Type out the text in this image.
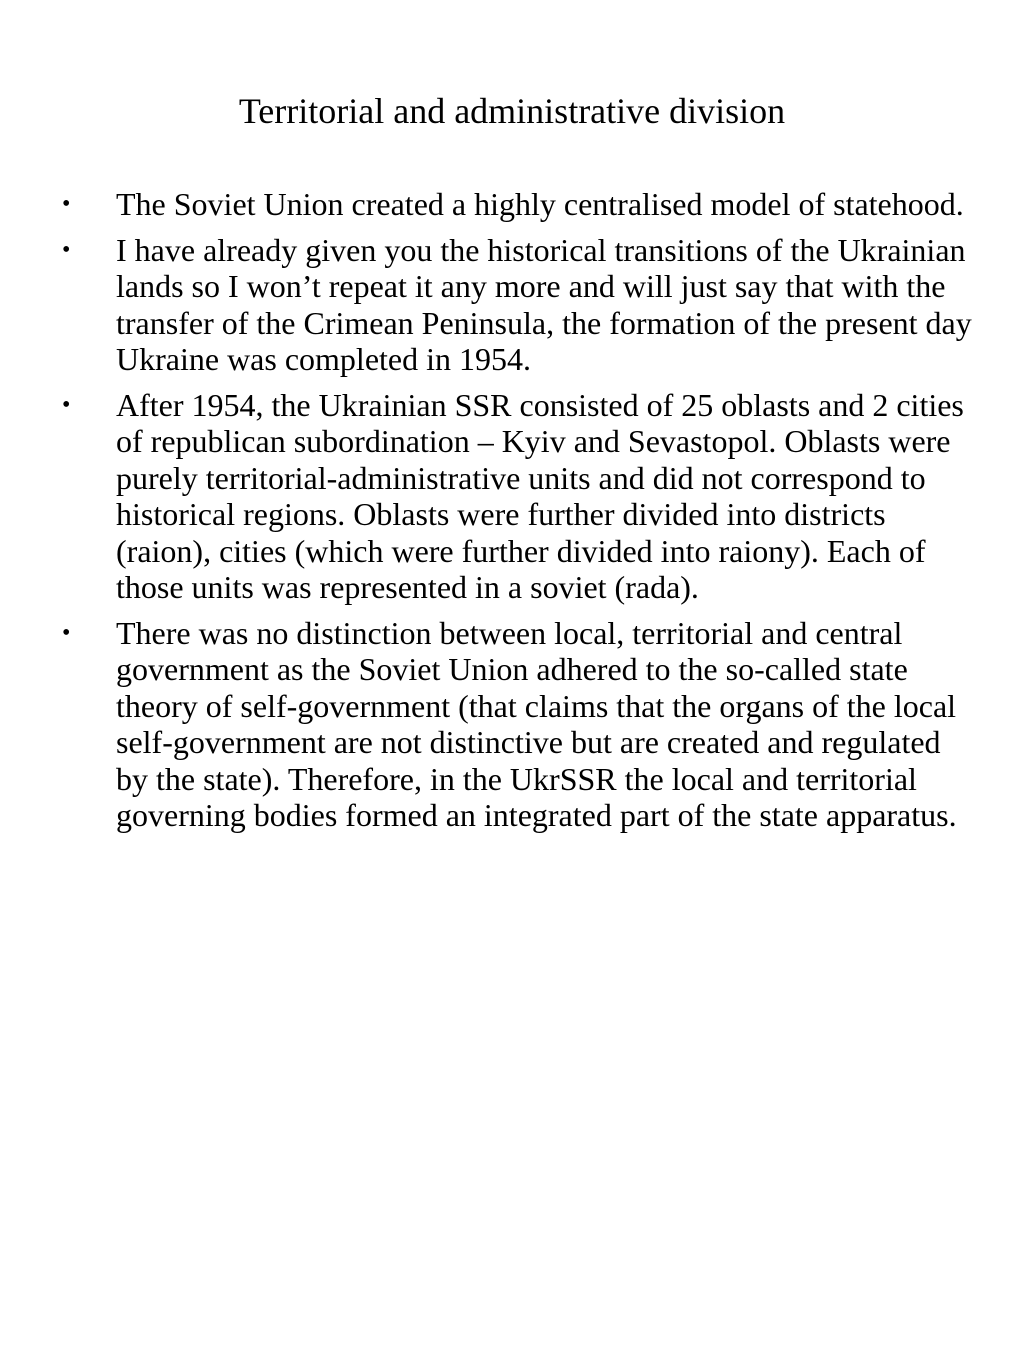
Territorial and administrative division
•	The Soviet Union created a highly centralised model of statehood.
•	I have already given you the historical transitions of the Ukrainian lands so I won’t repeat it any more and will just say that with the transfer of the Crimean Peninsula, the formation of the present day Ukraine was completed in 1954.
•	After 1954, the Ukrainian SSR consisted of 25 oblasts and 2 cities of republican subordination – Kyiv and Sevastopol. Oblasts were purely territorial-administrative units and did not correspond to historical regions. Oblasts were further divided into districts (raion), cities (which were further divided into raiony). Each of those units was represented in a soviet (rada).
•	There was no distinction between local, territorial and central government as the Soviet Union adhered to the so-called state theory of self-government (that claims that the organs of the local self-government are not distinctive but are created and regulated by the state). Therefore, in the UkrSSR the local and territorial governing bodies formed an integrated part of the state apparatus.
